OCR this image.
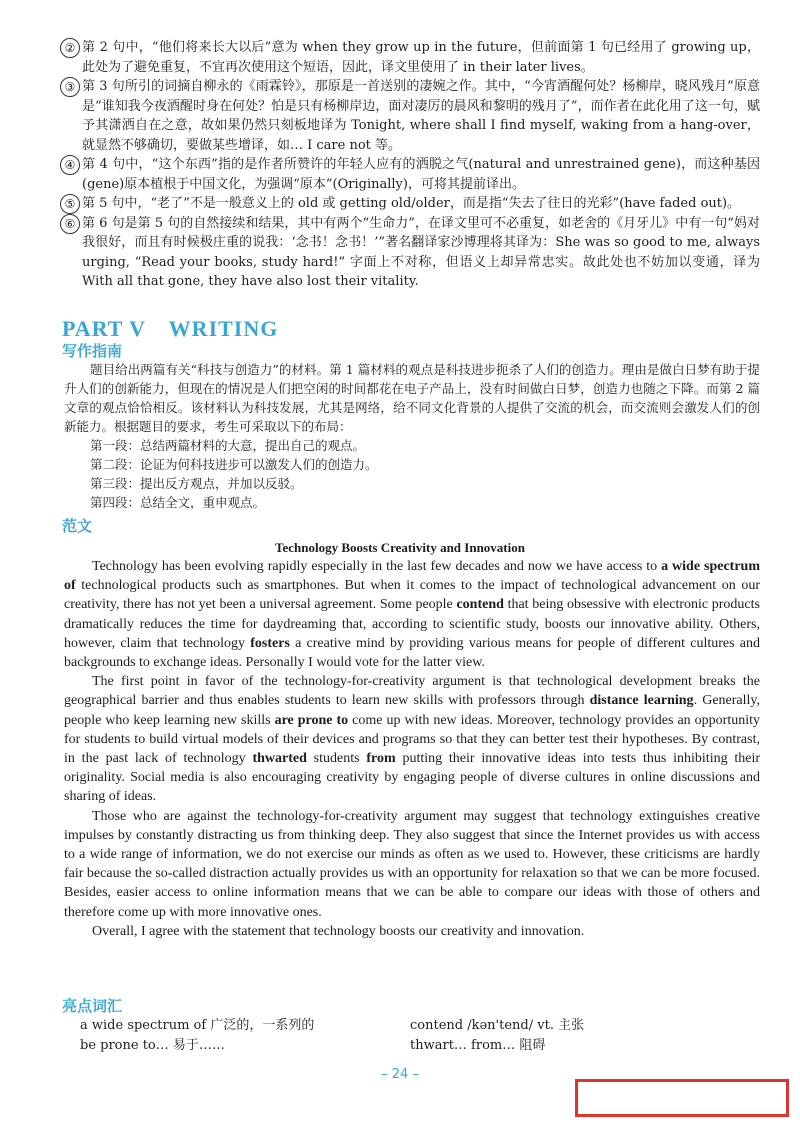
② 第 2 句中，“他们将来长大以后”意为 when they grow up in the future，但前面第 1 句已经用了 growing up，此处为了避免重复，不宜再次使用这个短语，因此，译文里使用了 in their later lives。
③ 第 3 句所引的词摘自柳永的《雨霖铃》，那原是一首送别的凄婉之作。其中，“今宵酒醒何处？杨柳岸，晓风残月”原意是“谁知我今夜酒醒时身在何处？怕是只有杨柳岸边，面对凄厉的晨风和黎明的残月了”，而作者在此化用了这一句，赋予其潇洒自在之意，故如果仍然只刻板地译为 Tonight, where shall I find myself, waking from a hang-over，就显然不够确切，要做某些增译，如… I care not 等。
④ 第 4 句中，“这个东西”指的是作者所赞许的年轻人应有的洒脱之气(natural and unrestrained gene)，而这种基因(gene)原本植根于中国文化，为强调“原本”(Originally)，可将其提前译出。
⑤ 第 5 句中，“老了”不是一般意义上的 old 或 getting old/older，而是指“失去了往日的光彩”(have faded out)。
⑥ 第 6 句是第 5 句的自然接续和结果，其中有两个“生命力”，在译文里可不必重复，如老舍的《月牙儿》中有一句“妈对我很好，而且有时候极庄重的说我：‘念书！念书！’”著名翻译家沙博理将其译为：She was so good to me, always urging, “Read your books, study hard!” 字面上不对称，但语义上却异常忠实。故此处也不妨加以变通，译为 With all that gone, they have also lost their vitality.
PART V　WRITING
写作指南

题目给出两篇有关“科技与创造力”的材料。第 1 篇材料的观点是科技进步扼杀了人们的创造力。理由是做白日梦有助于提升人们的创新能力，但现在的情况是人们把空闲的时间都花在电子产品上，没有时间做白日梦，创造力也随之下降。而第 2 篇文章的观点恰恰相反。该材料认为科技发展，尤其是网络，给不同文化背景的人提供了交流的机会，而交流则会激发人们的创新能力。根据题目的要求，考生可采取以下的布局：

第一段：总结两篇材料的大意，提出自己的观点。

第二段：论证为何科技进步可以激发人们的创造力。

第三段：提出反方观点，并加以反驳。

第四段：总结全文，重申观点。

范文
Technology Boosts Creativity and Innovation

Technology has been evolving rapidly especially in the last few decades and now we have access to a wide spectrum of technological products such as smartphones. But when it comes to the impact of technological advancement on our creativity, there has not yet been a universal agreement. Some people contend that being obsessive with electronic products dramatically reduces the time for daydreaming that, according to scientific study, boosts our innovative ability. Others, however, claim that technology fosters a creative mind by providing various means for people of different cultures and backgrounds to exchange ideas. Personally I would vote for the latter view.

The first point in favor of the technology-for-creativity argument is that technological development breaks the geographical barrier and thus enables students to learn new skills with professors through distance learning. Generally, people who keep learning new skills are prone to come up with new ideas. Moreover, technology provides an opportunity for students to build virtual models of their devices and programs so that they can better test their hypotheses. By contrast, in the past lack of technology thwarted students from putting their innovative ideas into tests thus inhibiting their originality. Social media is also encouraging creativity by engaging people of diverse cultures in online discussions and sharing of ideas.

Those who are against the technology-for-creativity argument may suggest that technology extinguishes creative impulses by constantly distracting us from thinking deep. They also suggest that since the Internet provides us with access to a wide range of information, we do not exercise our minds as often as we used to. However, these criticisms are hardly fair because the so-called distraction actually provides us with an opportunity for relaxation so that we can be more focused. Besides, easier access to online information means that we can be able to compare our ideas with those of others and therefore come up with more innovative ones.

Overall, I agree with the statement that technology boosts our creativity and innovation.

亮点词汇
a wide spectrum of 广泛的，一系列的	contend /kən'tend/ vt. 主张
be prone to… 易于……	thwart… from… 阻碍
– 24 –
